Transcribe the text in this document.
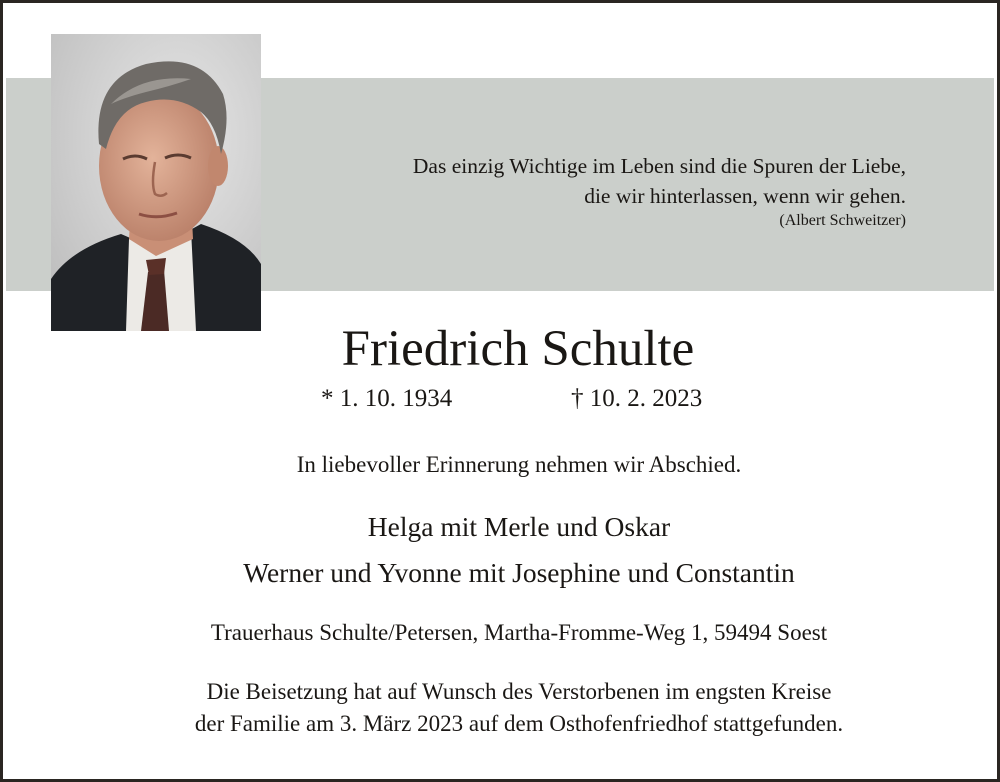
Das einzig Wichtige im Leben sind die Spuren der Liebe,
die wir hinterlassen, wenn wir gehen.
(Albert Schweitzer)
Friedrich Schulte
* 1. 10. 1934	† 10. 2. 2023
In liebevoller Erinnerung nehmen wir Abschied.
Helga mit Merle und Oskar
Werner und Yvonne mit Josephine und Constantin
Trauerhaus Schulte/Petersen, Martha-Fromme-Weg 1, 59494 Soest
Die Beisetzung hat auf Wunsch des Verstorbenen im engsten Kreise
der Familie am 3. März 2023 auf dem Osthofenfriedhof stattgefunden.
